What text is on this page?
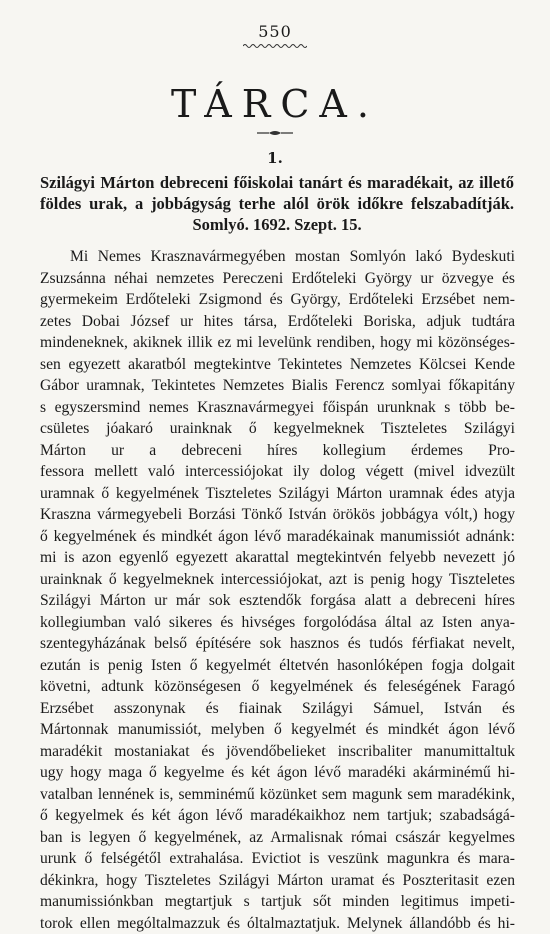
550
TÁRCA.
1.
Szilágyi Márton debreceni főiskolai tanárt és maradékait, az illető földes urak, a jobbágyság terhe alól örök időkre felszabadítják. Somlyó. 1692. Szept. 15.
Mi Nemes Krasznavármegyében mostan Somlyón lakó Bydeskuti
Zsuzsánna néhai nemzetes Pereczeni Erdőteleki György ur özvegye és
gyermekeim Erdőteleki Zsigmond és György, Erdőteleki Erzsébet nem-
zetes Dobai József ur hites társa, Erdőteleki Boriska, adjuk tudtára
mindeneknek, akiknek illik ez mi levelünk rendiben, hogy mi közönséges-
sen egyezett akaratból megtekintve Tekintetes Nemzetes Kölcsei Kende
Gábor uramnak, Tekintetes Nemzetes Bialis Ferencz somlyai főkapitány
s egyszersmind nemes Krasznavármegyei főispán urunknak s több be-
csületes jóakaró urainknak ő kegyelmeknek Tiszteletes Szilágyi
Márton ur a debreceni híres kollegium érdemes Pro-
fessora mellett való intercessiójokat ily dolog végett (mivel idvezült
uramnak ő kegyelmének Tiszteletes Szilágyi Márton uramnak édes atyja
Kraszna vármegyebeli Borzási Tönkő István örökös jobbágya vólt,) hogy
ő kegyelmének és mindkét ágon lévő maradékainak manumissiót adnánk:
mi is azon egyenlő egyezett akarattal megtekintvén felyebb nevezett jó
urainknak ő kegyelmeknek intercessiójokat, azt is penig hogy Tiszteletes
Szilágyi Márton ur már sok esztendők forgása alatt a debreceni híres
kollegiumban való sikeres és hivséges forgolódása által az Isten anya-
szentegyházának belső építésére sok hasznos és tudós férfiakat nevelt,
ezután is penig Isten ő kegyelmét éltetvén hasonlóképen fogja dolgait
követni, adtunk közönségesen ő kegyelmének és feleségének Faragó
Erzsébet asszonynak és fiainak Szilágyi Sámuel, István és
Mártonnak manumissiót, melyben ő kegyelmét és mindkét ágon lévő
maradékit mostaniakat és jövendőbelieket inscribaliter manumittaltuk
ugy hogy maga ő kegyelme és két ágon lévő maradéki akárminémű hi-
vatalban lennének is, semminémű közünket sem magunk sem maradékink,
ő kegyelmek és két ágon lévő maradékaikhoz nem tartjuk; szabadságá-
ban is legyen ő kegyelmének, az Armalisnak római császár kegyelmes
urunk ő felségétől extrahalása. Evictiot is veszünk magunkra és mara-
dékinkra, hogy Tiszteletes Szilágyi Márton uramat és Poszteritasit ezen
manumissiónkban megtartjuk s tartjuk sőt minden legitimus impeti-
torok ellen mególtalmazzuk és óltalmaztatjuk. Melynek állandóbb és hi-
